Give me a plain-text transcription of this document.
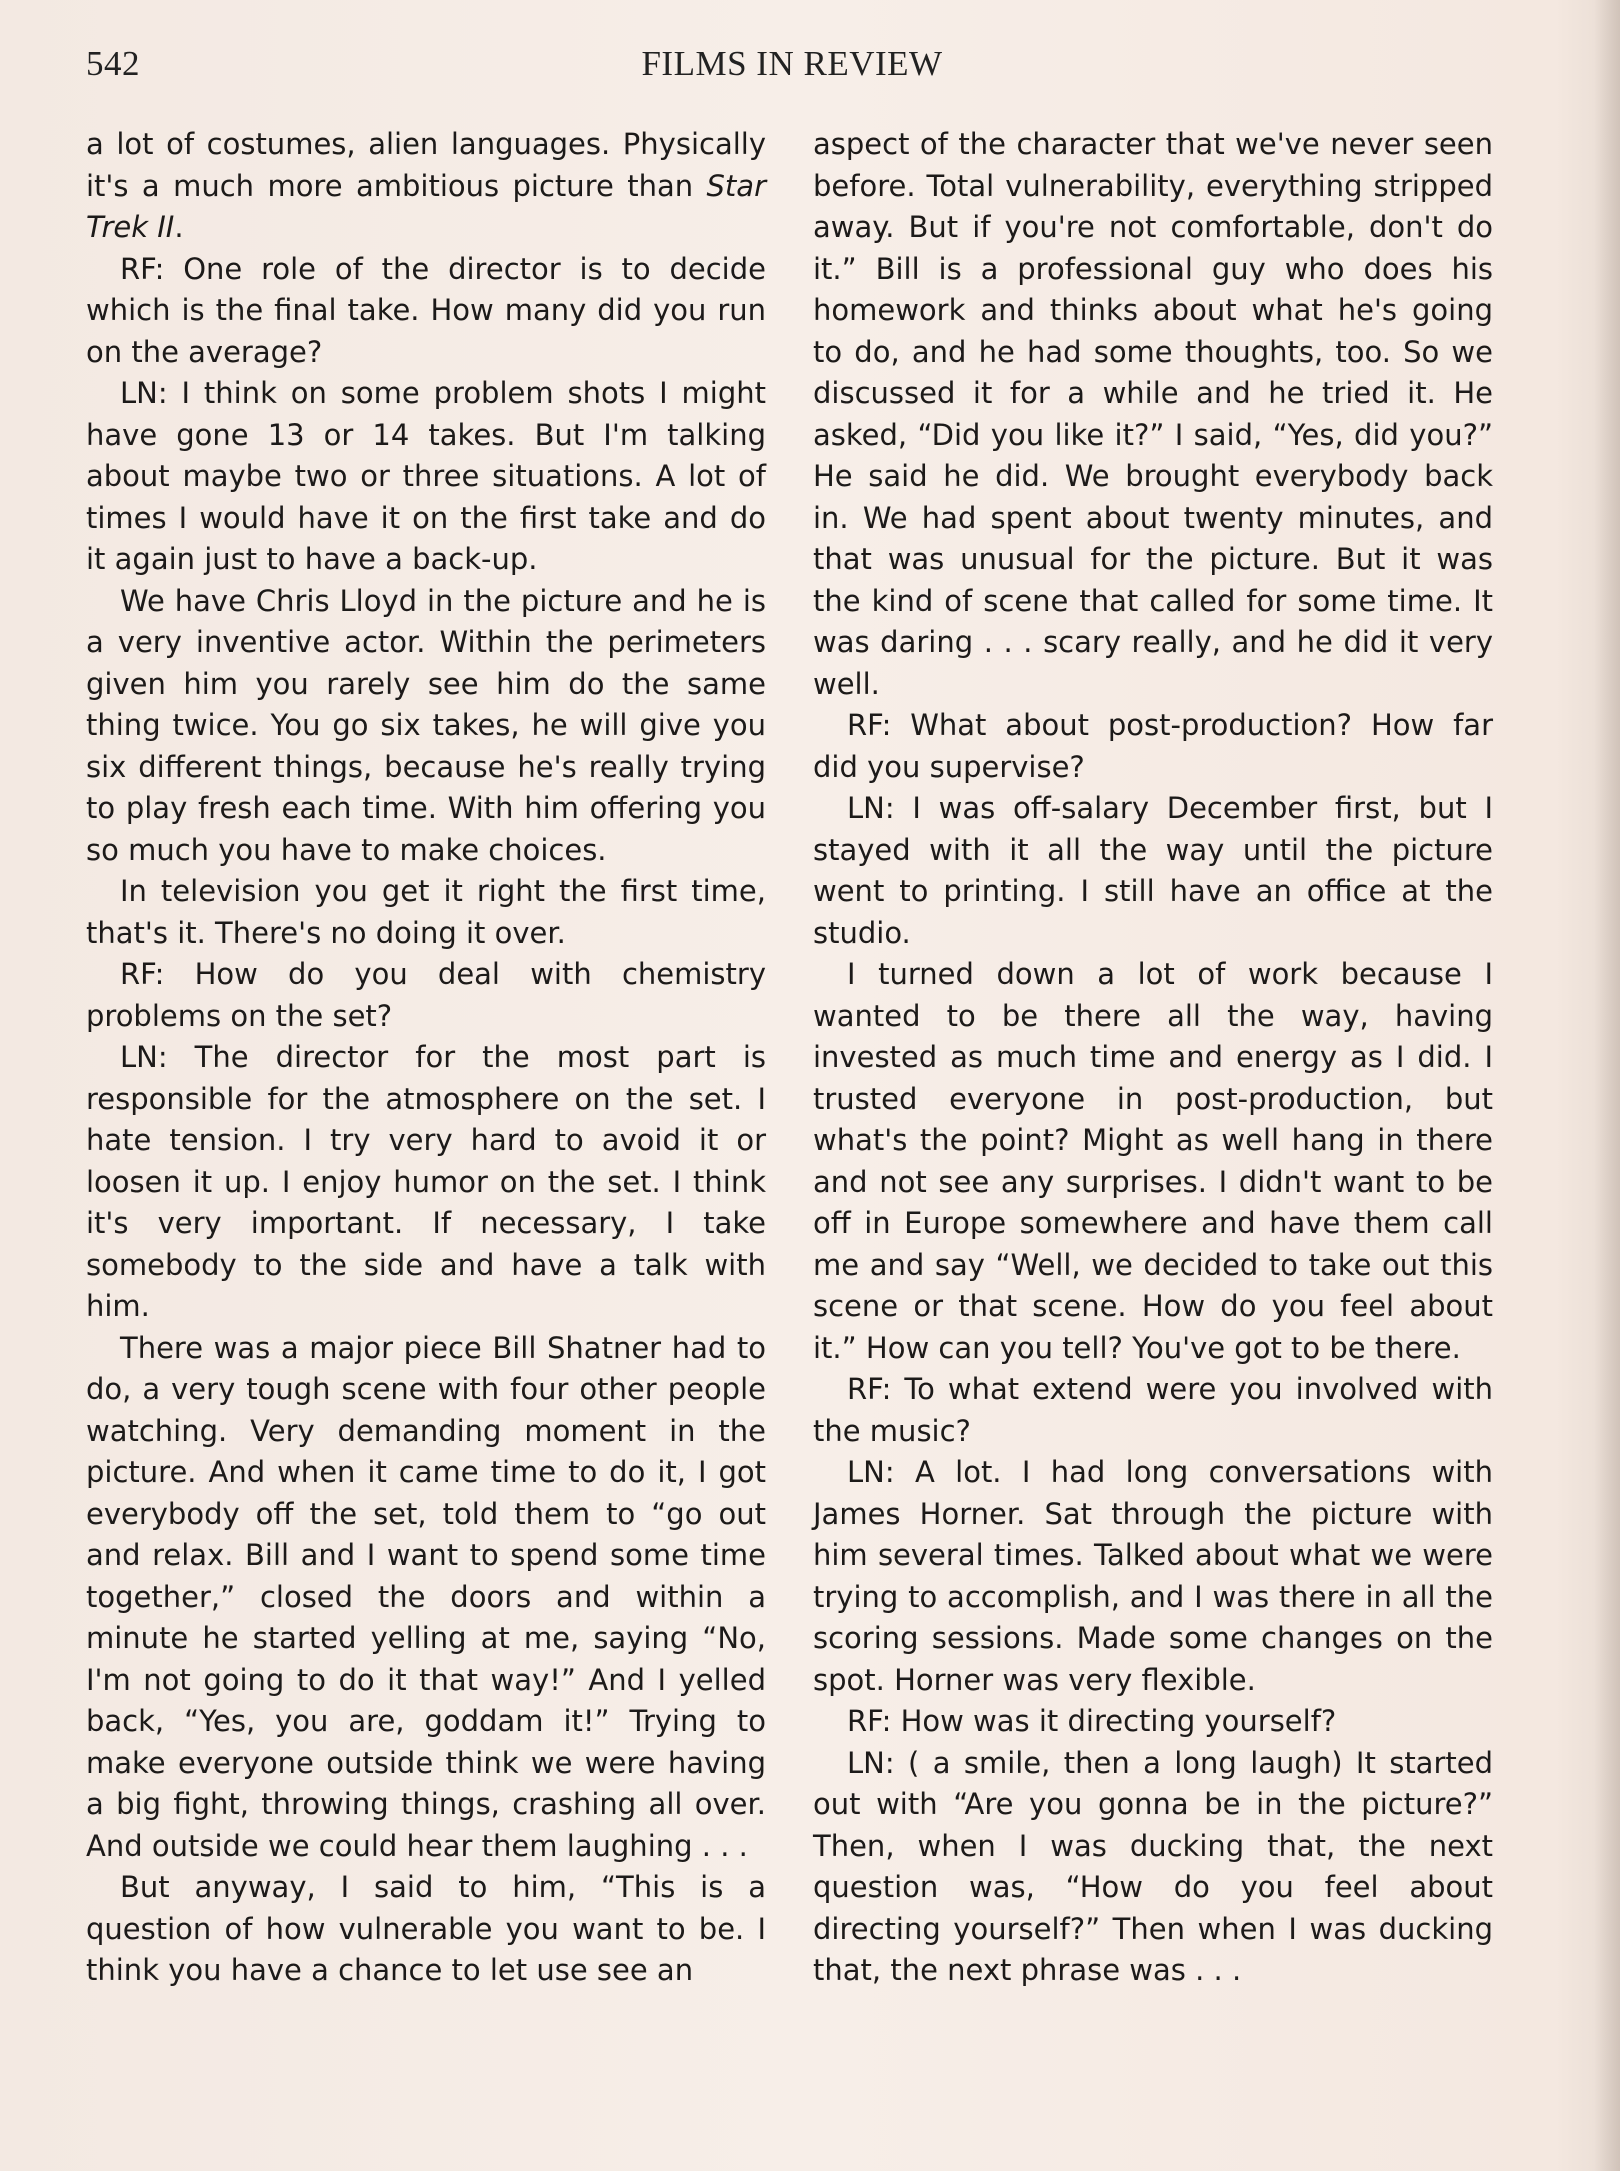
542	FILMS IN REVIEW

a lot of costumes, alien languages. Physically it's a much more ambitious picture than Star Trek II.

RF: One role of the director is to decide which is the final take. How many did you run on the average?

LN: I think on some problem shots I might have gone 13 or 14 takes. But I'm talking about maybe two or three situations. A lot of times I would have it on the first take and do it again just to have a back-up.

We have Chris Lloyd in the picture and he is a very inventive actor. Within the perimeters given him you rarely see him do the same thing twice. You go six takes, he will give you six different things, because he's really trying to play fresh each time. With him offering you so much you have to make choices.

In television you get it right the first time, that's it. There's no doing it over.

RF: How do you deal with chemistry problems on the set?

LN: The director for the most part is responsible for the atmosphere on the set. I hate tension. I try very hard to avoid it or loosen it up. I enjoy humor on the set. I think it's very important. If necessary, I take somebody to the side and have a talk with him.

There was a major piece Bill Shatner had to do, a very tough scene with four other people watching. Very demanding moment in the picture. And when it came time to do it, I got everybody off the set, told them to “go out and relax. Bill and I want to spend some time together,” closed the doors and within a minute he started yelling at me, saying “No, I'm not going to do it that way!” And I yelled back, “Yes, you are, goddam it!” Trying to make everyone outside think we were having a big fight, throwing things, crashing all over. And outside we could hear them laughing . . .

But anyway, I said to him, “This is a question of how vulnerable you want to be. I think you have a chance to let use see an

aspect of the character that we've never seen before. Total vulnerability, everything stripped away. But if you're not comfortable, don't do it.” Bill is a professional guy who does his homework and thinks about what he's going to do, and he had some thoughts, too. So we discussed it for a while and he tried it. He asked, “Did you like it?” I said, “Yes, did you?” He said he did. We brought everybody back in. We had spent about twenty minutes, and that was unusual for the picture. But it was the kind of scene that called for some time. It was daring . . . scary really, and he did it very well.

RF: What about post-production? How far did you supervise?

LN: I was off-salary December first, but I stayed with it all the way until the picture went to printing. I still have an office at the studio.

I turned down a lot of work because I wanted to be there all the way, having invested as much time and energy as I did. I trusted everyone in post-production, but what's the point? Might as well hang in there and not see any surprises. I didn't want to be off in Europe somewhere and have them call me and say “Well, we decided to take out this scene or that scene. How do you feel about it.” How can you tell? You've got to be there.

RF: To what extend were you involved with the music?

LN: A lot. I had long conversations with James Horner. Sat through the picture with him several times. Talked about what we were trying to accomplish, and I was there in all the scoring sessions. Made some changes on the spot. Horner was very flexible.

RF: How was it directing yourself?

LN: ( a smile, then a long laugh) It started out with “Are you gonna be in the picture?” Then, when I was ducking that, the next question was, “How do you feel about directing yourself?” Then when I was ducking that, the next phrase was . . .
